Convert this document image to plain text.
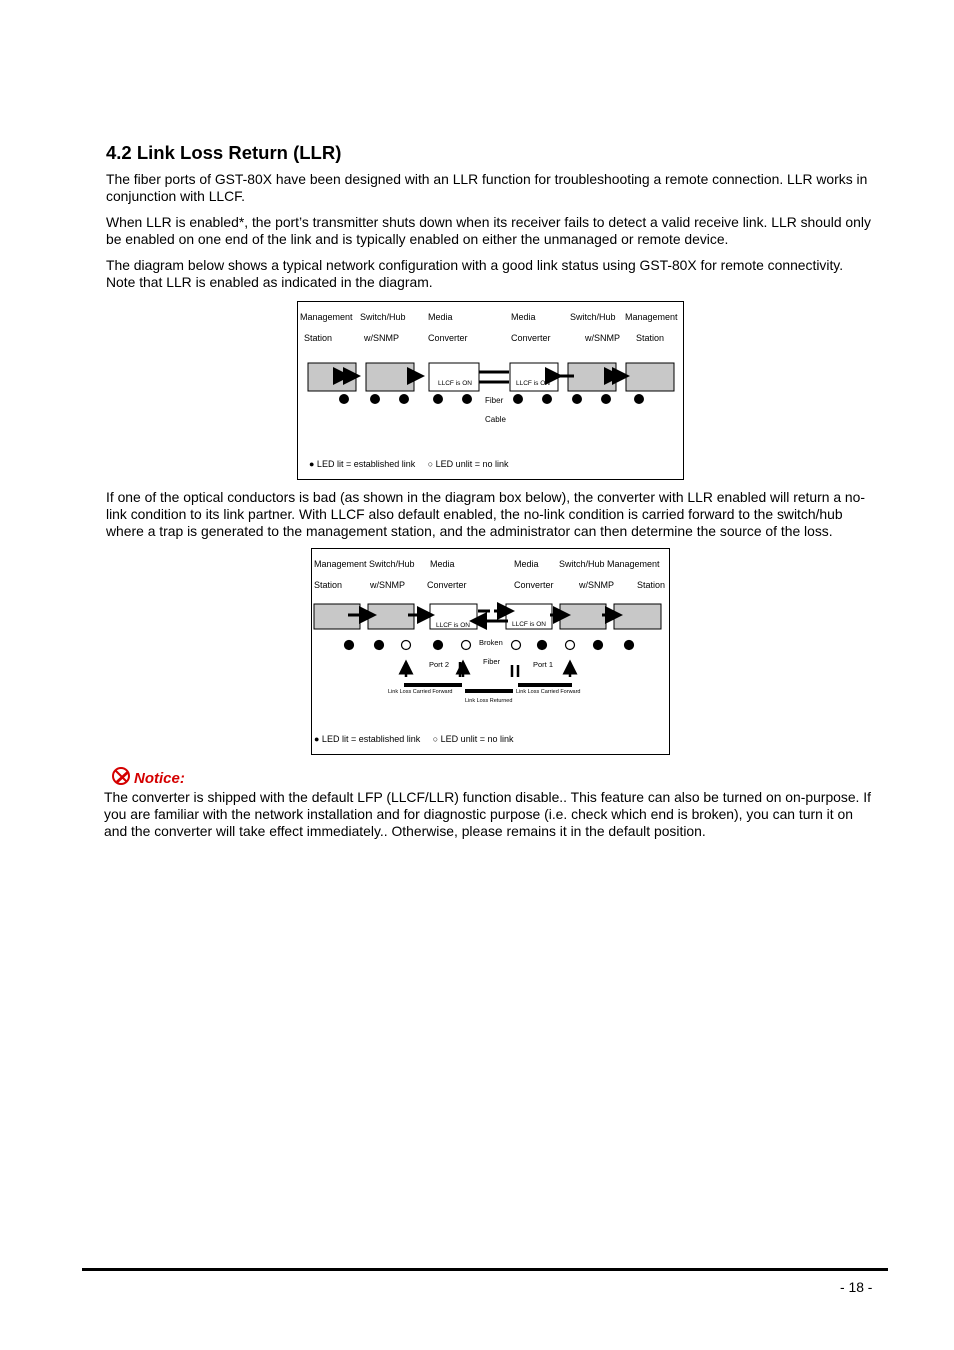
4.2 Link Loss Return (LLR)

The fiber ports of GST-80X have been designed with an LLR function for troubleshooting a remote connection. LLR works in conjunction with LLCF.

When LLR is enabled*, the port’s transmitter shuts down when its receiver fails to detect a valid receive link. LLR should only be enabled on one end of the link and is typically enabled on either the unmanaged or remote device.

The diagram below shows a typical network configuration with a good link status using GST-80X for remote connectivity. Note that LLR is enabled as indicated in the diagram.

Management Switch/Hub Media	Media	Switch/Hub Management
Station	w/SNMP	Converter	Converter	w/SNMP Station
LLCF is ON	LLCF is ON
Fiber
Cable
● LED lit = established link     ○ LED unlit = no link

If one of the optical conductors is bad (as shown in the diagram box below), the converter with LLR enabled will return a no-link condition to its link partner. With LLCF also default enabled, the no-link condition is carried forward to the switch/hub where a trap is generated to the management station, and the administrator can then determine the source of the loss.

Management Switch/Hub Media	Media Switch/Hub Management
Station	w/SNMP Converter	Converter	w/SNMP	Station
LLCF is ON	LLCF is ON
Broken
Fiber
Port 2	Port 1
Link Loss Carried Forward	Link Loss Carried Forward
Link Loss Returned
● LED lit = established link     ○ LED unlit = no link
Notice:

The converter is shipped with the default LFP (LLCF/LLR) function disable.. This feature can also be turned on on-purpose. If you are familiar with the network installation and for diagnostic purpose (i.e. check which end is broken), you can turn it on and the converter will take effect immediately.. Otherwise, please remains it in the default position.

- 18 -
